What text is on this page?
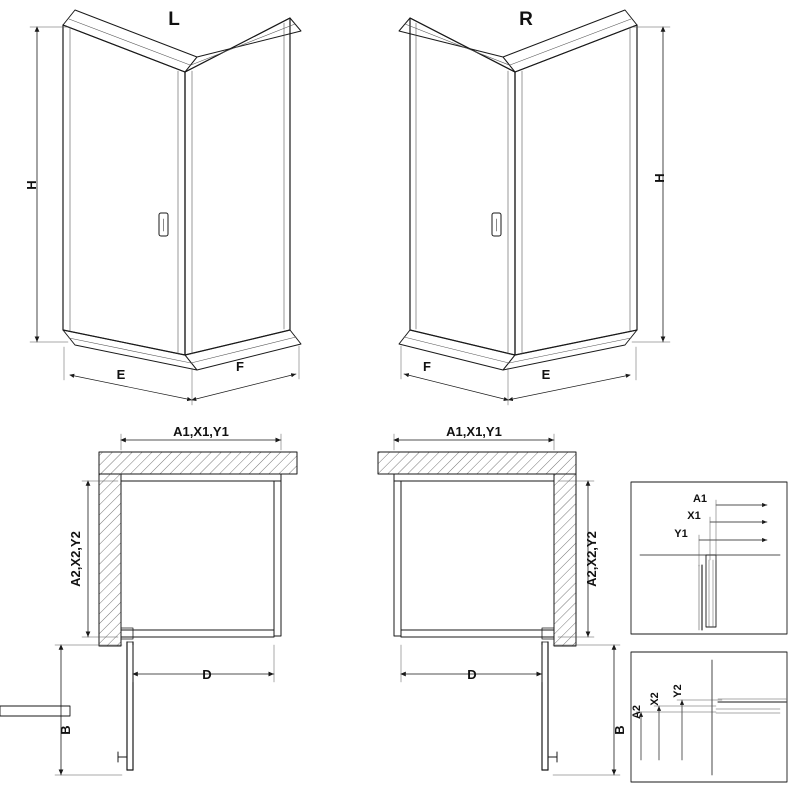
L	R
H
H
E
F	F
E
A1,X1,Y1	A1,X1,Y1
A2,X2,Y2	A2,X2,Y2
D	D
B	B
A1
X1
Y1
A2
X2
Y2
